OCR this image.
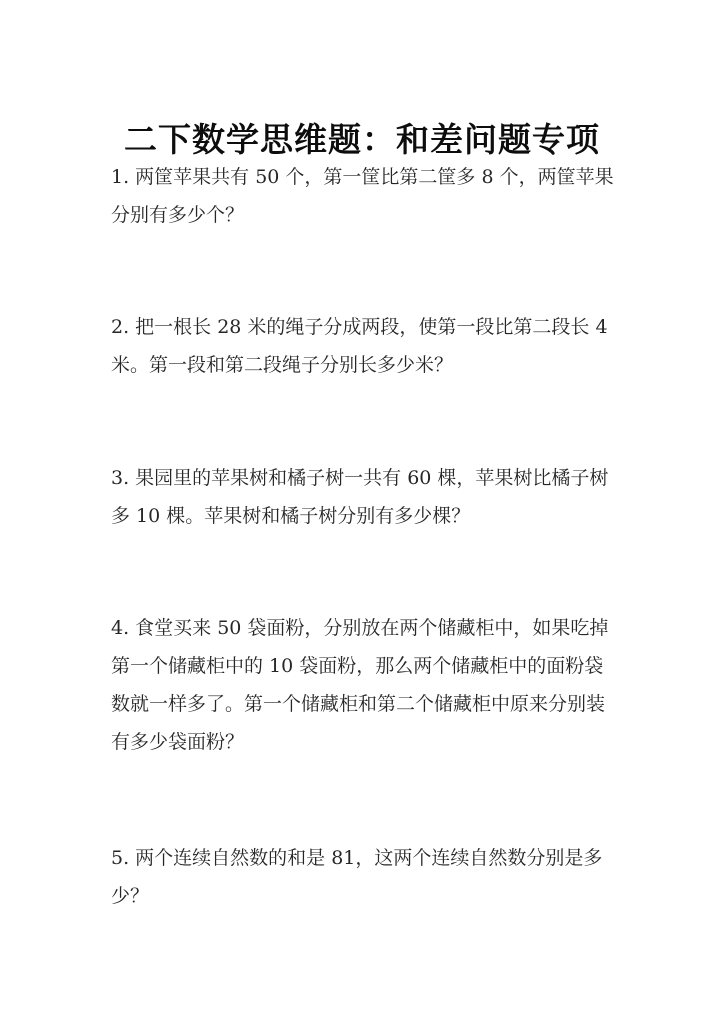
二下数学思维题：和差问题专项
1. 两筐苹果共有 50 个，第一筐比第二筐多 8 个，两筐苹果
分别有多少个？
2. 把一根长 28 米的绳子分成两段，使第一段比第二段长 4
米。第一段和第二段绳子分别长多少米？
3. 果园里的苹果树和橘子树一共有 60 棵，苹果树比橘子树
多 10 棵。苹果树和橘子树分别有多少棵？
4. 食堂买来 50 袋面粉，分别放在两个储藏柜中，如果吃掉
第一个储藏柜中的 10 袋面粉，那么两个储藏柜中的面粉袋
数就一样多了。第一个储藏柜和第二个储藏柜中原来分别装
有多少袋面粉？
5. 两个连续自然数的和是 81，这两个连续自然数分别是多
少？
